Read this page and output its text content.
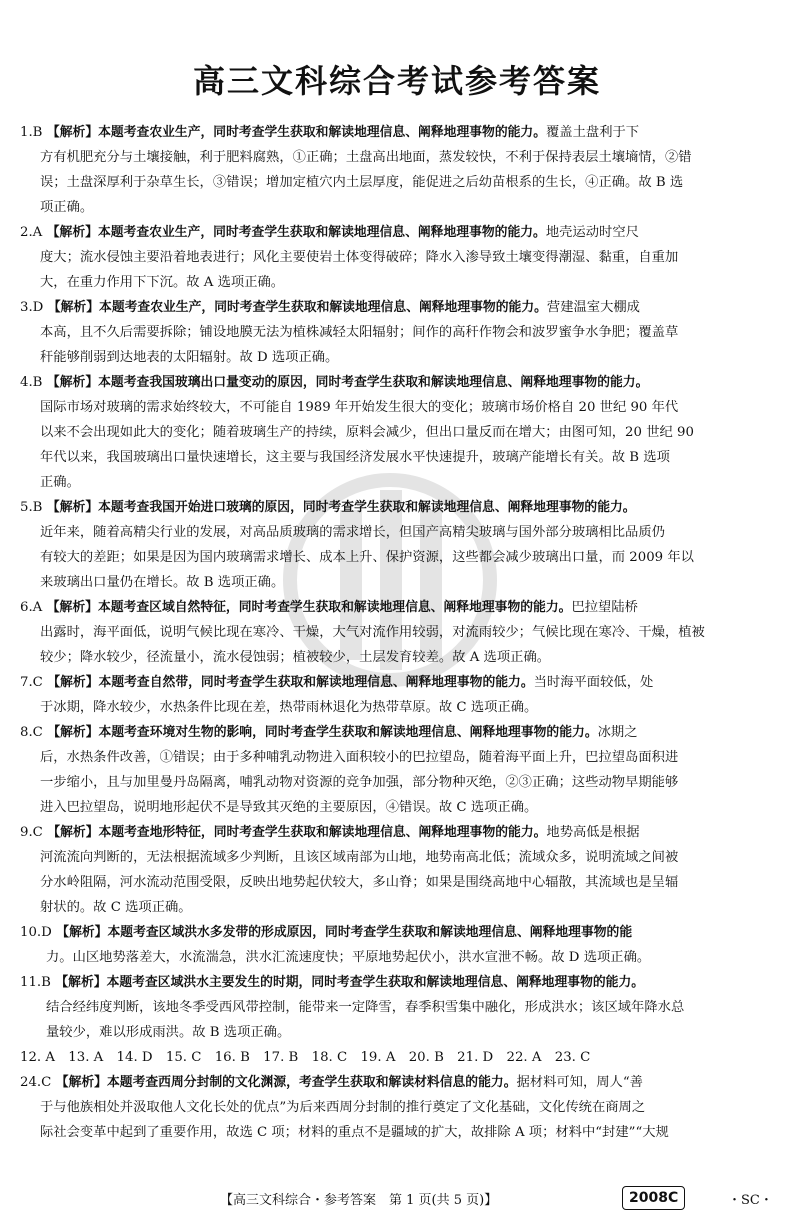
高三文科综合考试参考答案

1.B 【解析】本题考查农业生产，同时考查学生获取和解读地理信息、阐释地理事物的能力。覆盖土盘利于下
方有机肥充分与土壤接触，利于肥料腐熟，①正确；土盘高出地面，蒸发较快，不利于保持表层土壤墒情，②错
误；土盘深厚利于杂草生长，③错误；增加定植穴内土层厚度，能促进之后幼苗根系的生长，④正确。故 B 选
项正确。

2.A 【解析】本题考查农业生产，同时考查学生获取和解读地理信息、阐释地理事物的能力。地壳运动时空尺
度大；流水侵蚀主要沿着地表进行；风化主要使岩土体变得破碎；降水入渗导致土壤变得潮湿、黏重，自重加
大，在重力作用下下沉。故 A 选项正确。

3.D 【解析】本题考查农业生产，同时考查学生获取和解读地理信息、阐释地理事物的能力。营建温室大棚成
本高，且不久后需要拆除；铺设地膜无法为植株减轻太阳辐射；间作的高秆作物会和波罗蜜争水争肥；覆盖草
秆能够削弱到达地表的太阳辐射。故 D 选项正确。

4.B 【解析】本题考查我国玻璃出口量变动的原因，同时考查学生获取和解读地理信息、阐释地理事物的能力。
国际市场对玻璃的需求始终较大，不可能自 1989 年开始发生很大的变化；玻璃市场价格自 20 世纪 90 年代
以来不会出现如此大的变化；随着玻璃生产的持续，原料会减少，但出口量反而在增大；由图可知，20 世纪 90
年代以来，我国玻璃出口量快速增长，这主要与我国经济发展水平快速提升，玻璃产能增长有关。故 B 选项
正确。

5.B 【解析】本题考查我国开始进口玻璃的原因，同时考查学生获取和解读地理信息、阐释地理事物的能力。
近年来，随着高精尖行业的发展，对高品质玻璃的需求增长，但国产高精尖玻璃与国外部分玻璃相比品质仍
有较大的差距；如果是因为国内玻璃需求增长、成本上升、保护资源，这些都会减少玻璃出口量，而 2009 年以
来玻璃出口量仍在增长。故 B 选项正确。

6.A 【解析】本题考查区域自然特征，同时考查学生获取和解读地理信息、阐释地理事物的能力。巴拉望陆桥
出露时，海平面低，说明气候比现在寒冷、干燥，大气对流作用较弱，对流雨较少；气候比现在寒冷、干燥，植被
较少；降水较少，径流量小，流水侵蚀弱；植被较少，土层发育较差。故 A 选项正确。

7.C 【解析】本题考查自然带，同时考查学生获取和解读地理信息、阐释地理事物的能力。当时海平面较低，处
于冰期，降水较少，水热条件比现在差，热带雨林退化为热带草原。故 C 选项正确。

8.C 【解析】本题考查环境对生物的影响，同时考查学生获取和解读地理信息、阐释地理事物的能力。冰期之
后，水热条件改善，①错误；由于多种哺乳动物进入面积较小的巴拉望岛，随着海平面上升，巴拉望岛面积进
一步缩小，且与加里曼丹岛隔离，哺乳动物对资源的竞争加强，部分物种灭绝，②③正确；这些动物早期能够
进入巴拉望岛，说明地形起伏不是导致其灭绝的主要原因，④错误。故 C 选项正确。

9.C 【解析】本题考查地形特征，同时考查学生获取和解读地理信息、阐释地理事物的能力。地势高低是根据
河流流向判断的，无法根据流域多少判断，且该区域南部为山地，地势南高北低；流域众多，说明流域之间被
分水岭阻隔，河水流动范围受限，反映出地势起伏较大，多山脊；如果是围绕高地中心辐散，其流域也是呈辐
射状的。故 C 选项正确。

10.D 【解析】本题考查区域洪水多发带的形成原因，同时考查学生获取和解读地理信息、阐释地理事物的能
力。山区地势落差大，水流湍急，洪水汇流速度快；平原地势起伏小，洪水宣泄不畅。故 D 选项正确。

11.B 【解析】本题考查区域洪水主要发生的时期，同时考查学生获取和解读地理信息、阐释地理事物的能力。
结合经纬度判断，该地冬季受西风带控制，能带来一定降雪，春季积雪集中融化，形成洪水；该区域年降水总
量较少，难以形成雨洪。故 B 选项正确。

12. A　13. A　14. D　15. C　16. B　17. B　18. C　19. A　20. B　21. D　22. A　23. C

24.C 【解析】本题考查西周分封制的文化渊源，考查学生获取和解读材料信息的能力。据材料可知，周人“善
于与他族相处并汲取他人文化长处的优点”为后来西周分封制的推行奠定了文化基础，文化传统在商周之
际社会变革中起到了重要作用，故选 C 项；材料的重点不是疆域的扩大，故排除 A 项；材料中“封建”“大规

【高三文科综合・参考答案　第 1 页(共 5 页)】	2008C	・SC・
